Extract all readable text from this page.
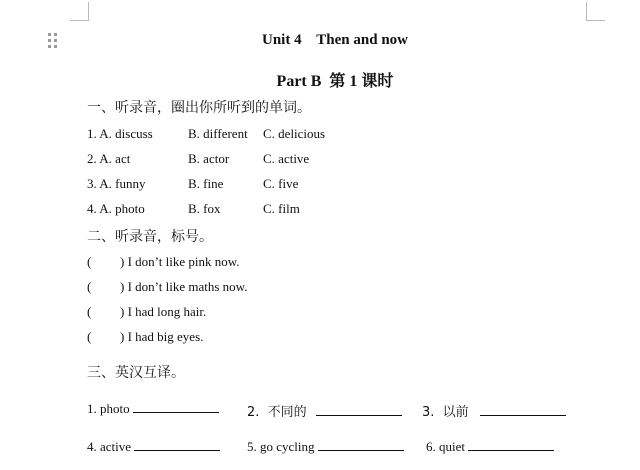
Unit 4    Then and now
Part B  第 1 课时
一、听录音，圈出你所听到的单词。
1. A. discuss	B. different C. delicious
2. A. act	B. actor	C. active
3. A. funny	B. fine	C. five
4. A. photo	B. fox	C. film
二、听录音，标号。
( ) I don’t like pink now.
( ) I don’t like maths now.
( ) I had long hair.
( ) I had big eyes.
三、英汉互译。
1. photo	2.  不同的	3.  以前
4. active	5. go cycling	6. quiet
